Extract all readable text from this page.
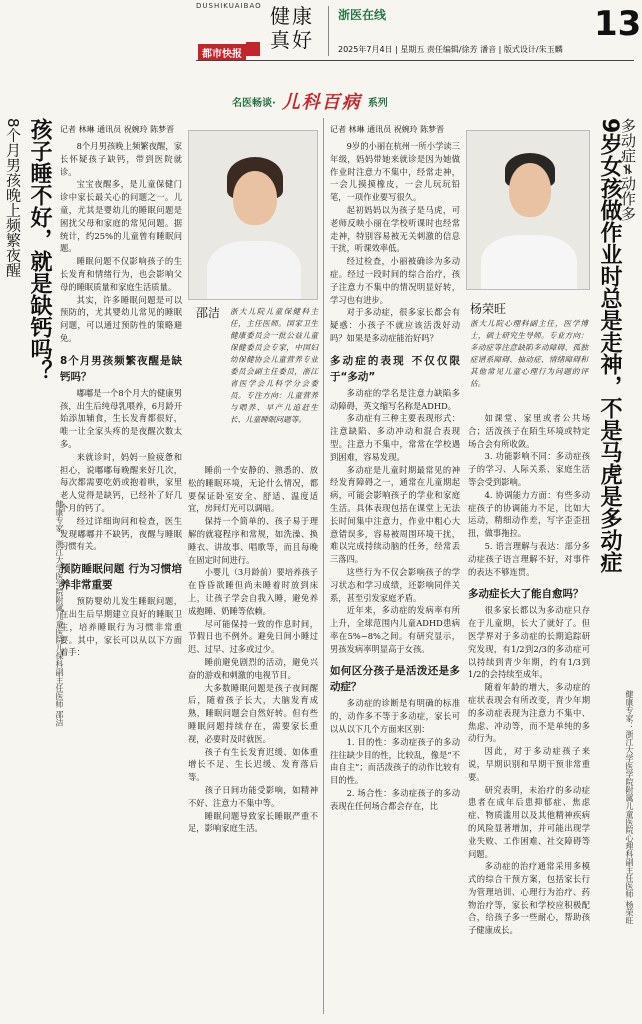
DUSHIKUAIBAO
都市快报
健康
真好
浙医在线
2025年7月4日 | 星期五 责任编辑/徐芳 潘音 | 版式设计/朱玉麟
13
名医畅谈· 儿科百病 系列
孩子睡不好，就是缺钙吗？
8个月男孩晚上频繁夜醒
健康专家：浙江大学医学院附属儿童医院儿保科副主任医师 邵洁
9岁女孩做作业时总是走神，不是马虎是多动症
多动症≠动作多
健康专家：浙江大学医学院附属儿童医院心理科副主任医师 杨荣旺
记者 林琳 通讯员 祝婉玲 陈梦晋	记者 林琳 通讯员 祝婉玲 陈梦晋

8个月男孩晚上频繁夜醒，家长怀疑孩子缺钙，带到医院就诊。

宝宝夜醒多，是儿童保健门诊中家长最关心的问题之一。儿童，尤其是婴幼儿的睡眠问题是困扰父母和家庭的常见问题。据统计，约25%的儿童曾有睡眠问题。

睡眠问题不仅影响孩子的生长发育和情绪行为，也会影响父母的睡眠质量和家庭生活质量。

其实，许多睡眠问题是可以预防的，尤其婴幼儿常见的睡眠问题，可以通过预防性的策略避免。

8个月男孩频繁夜醒是缺钙吗？

嘟嘟是一个8个月大的健康男孩，出生后纯母乳喂养，6月龄开始添加辅食，生长发育都很好，唯一让全家头疼的是夜醒次数太多。

来就诊时，妈妈一脸疲惫和担心，说嘟嘟每晚醒来好几次，每次都需要吃奶或抱着哄，家里老人觉得是缺钙，已经补了好几个月的钙了。

经过详细询问和检查，医生发现嘟嘟并不缺钙，夜醒与睡眠习惯有关。

预防睡眠问题 行为习惯培养非常重要

预防婴幼儿发生睡眠问题，在出生后早期建立良好的睡眠卫生，培养睡眠行为习惯非常重要。其中，家长可以从以下方面着手：

邵洁 浙大儿院儿童保健科主任，主任医师。国家卫生健康委员会一批公益儿童保健委员会专家，中国妇幼保健协会儿童营养专业委员会副主任委员，浙江省医学会儿科学分会委员。专注方向：儿童营养与喂养、早产儿追赶生长、儿童睡眠问题等。

睡前一个安静的、熟悉的、放松的睡眠环境，无论什么情况，都要保证卧室安全、舒适、温度适宜，房间灯光可以调暗。

保持一个简单的、孩子易于理解的就寝程序和常规，如洗澡、换睡衣、讲故事、唱歌等，而且每晚在固定时间进行。

小婴儿（3月龄前）要培养孩子在昏昏欲睡但尚未睡着时放到床上，让孩子学会自我入睡，避免养成抱睡、奶睡等依赖。

尽可能保持一致的作息时间，节假日也不例外。避免日间小睡过迟、过早、过多或过少。

睡前避免剧烈的活动，避免兴奋的游戏和刺激的电视节目。

大多数睡眠问题是孩子夜间醒后，随着孩子长大，大脑发育成熟，睡眠问题会自然好转。但有些睡眠问题持续存在，需要家长重视，必要时及时就医。

孩子有生长发育迟缓、如体重增长不足、生长迟缓、发育落后等。

孩子日间功能受影响，如精神不好、注意力不集中等。

睡眠问题导致家长睡眠严重不足，影响家庭生活。

9岁的小丽在杭州一所小学读三年级，妈妈带她来就诊是因为她做作业时注意力不集中，经常走神，一会儿摸摸橡皮，一会儿玩玩铅笔，一项作业要写很久。

起初妈妈以为孩子是马虎，可老师反映小丽在学校听课时也经常走神，特别容易被无关刺激的信息干扰，听课效率低。

经过检查，小丽被确诊为多动症。经过一段时间的综合治疗，孩子注意力不集中的情况明显好转，学习也有进步。

对于多动症，很多家长都会有疑惑：小孩子不就应该活泼好动吗？如果是多动症能治好吗？

多动症的表现 不仅仅限于“多动”

多动症的学名是注意力缺陷多动障碍，英文缩写名称是ADHD。

多动症有三种主要表现形式：注意缺陷、多动冲动和混合表现型。注意力不集中，常常在学校遇到困难，容易发现。

多动症是儿童时期最常见的神经发育障碍之一，通常在儿童期起病，可能会影响孩子的学业和家庭生活。具体表现包括在课堂上无法长时间集中注意力，作业中粗心大意错误多，容易被周围环境干扰，难以完成持续动脑的任务，经常丢三落四。

这些行为不仅会影响孩子的学习状态和学习成绩，还影响同伴关系，甚至引发家庭矛盾。

近年来，多动症的发病率有所上升，全球范围内儿童ADHD患病率在5%~8%之间。有研究显示，男孩发病率明显高于女孩。

如何区分孩子是活泼还是多动症？

多动症的诊断是有明确的标准的，动作多不等于多动症，家长可以从以下几个方面来区别：

1. 目的性：多动症孩子的多动往往缺少目的性，比较乱，像是“不由自主”；而活泼孩子的动作比较有目的性。

2. 场合性：多动症孩子的多动表现在任何场合都会存在，比

杨荣旺
浙大儿院心理科副主任，医学博士，硕士研究生导师。专业方向：多动症等注意缺陷多动障碍、孤独症谱系障碍、抽动症、情绪障碍和其他常见儿童心理行为问题的评估。

如课堂、家里或者公共场合；活泼孩子在陌生环境或特定场合会有所收敛。

3. 功能影响不同：多动症孩子的学习、人际关系、家庭生活等会受到影响。

4. 协调能力方面：有些多动症孩子的协调能力不足，比如大运动，精细动作差，写字歪歪扭扭，做事拖拉。

5. 语言理解与表达：部分多动症孩子语言理解不好，对事件的表达不够连贯。

多动症长大了能自愈吗？

很多家长都以为多动症只存在于儿童期，长大了就好了。但医学界对于多动症的长期追踪研究发现，有1/2到2/3的多动症可以持续到青少年期，约有1/3到1/2的会持续至成年。

随着年龄的增大，多动症的症状表现会有所改变，青少年期的多动症表现为注意力不集中、焦虑、冲动等，而不是单纯的多动行为。

因此，对于多动症孩子来说，早期识别和早期干预非常重要。

研究表明，未治疗的多动症患者在成年后患抑郁症、焦虑症、物质滥用以及其他精神疾病的风险显著增加，并可能出现学业失败、工作困难、社交障碍等问题。

多动症的治疗通常采用多模式的综合干预方案，包括家长行为管理培训、心理行为治疗、药物治疗等，家长和学校应积极配合，给孩子多一些耐心，帮助孩子健康成长。
